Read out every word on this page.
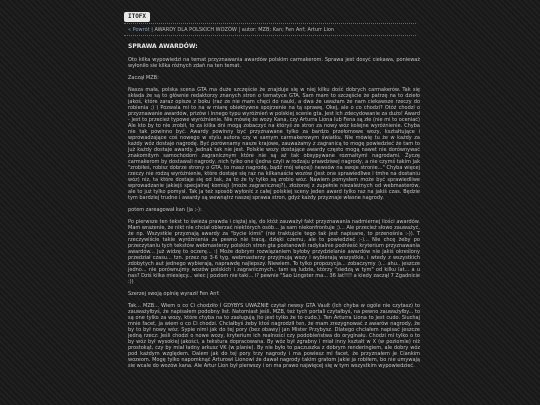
ITOFX
« Powrót | AWARDY DLA POLSKICH WOZÓW | autor: MZB; Kan; Fen Anf; Arturr Lion
SPRAWA AWARDÓW:

Oto kilka wypowiedzi na temat przyznawania awardów polskim carmakerom. Sprawa jest dosyć ciekawa, ponieważ wyłoniło sie kilka różnych zdań na ten temat.

Zaczął MZB:

Nasza mała, polska scena GTA ma duże szczęście że znajduje się w niej kilku dość dobrych carmakerów. Tak się składa że są to głównie redaktorzy znanych stron o tematyce GTA. Sam mam to szczęście że patrzę na to dzieło jakoś, które zaraz opisze z boku (raz ze nie mam chęci do nauki, a dwa że uważam że nam ciekawsze rzeczy do robienia ;) ) Pozwala mi to na w miarę obiektywne spojrzenie na tą sprawę. Okej, ale o co chodzi? Otóż chodzi o przyznawanie awardów, prizów i innego typu wyróżnień w polskiej scenie gta. Jest ich zdecydowanie za dużo! Award - jest to przecież typowe wyróżnienie. Nie mówię że wozy Kana, czy Arturra Liona lub Fena są złe (nie mi to oceniać) Ale kto by to nie zrobił, to za kilka dni mogą zobaczyć na któryś ze stron za nowy wóz kolejne wyróżnienie. Chyba nie tak powinno być. Awardy powinny być przyznawane tylko za bardzo przełomowe wozy, kształtujące i wprowadzające coś nowego w stylu autora czy w samym carmakerowym światku. Nie mówię tu że w każdy za każdy wóz dostaje nagrodę. Być porównamy nasze krajowe, zauważamy z zagranicą to mogę powiedzieć że tam to już każdy dostaje awardy. Jednak tak nie jest. Polskie wozy dostające awardy często mogą nawet nie dorównywać znakomitym samochodom zagranicznym które nie są aż tak obsypywane rozmaitymi nagrodami. Życzę carmakerom by dostawali nagrody, nich tylko one (jedna czyli w rodzaju prawdziwej nagrody, a nie czymś takim jak "zrobiłeś, robisz dobrze strony o GTA, to masz nagrodę, bądź mój więcej) newsów na swoje stronie..." Chyba więcej rzeczy nie rodzą wyróżnienie, które dostaje się raz na kilkanaście wozów (jest one sprawiedliwe i tmhe na dostaniu wóz) niz, ta które dostaje się od tak, za to że ty tylko są zrobio wóz. Nawiem pomysłem może być sprawiedliwe wprowadzanie jakiejś specjalnej komisji (może zagranicznej?), złożonej z zupełnie niezależnych od webmasterów, ale to już tylko pomysł. Tak ja też sposób wyłonić z całej polskiej sceny jeden award tylko raz na jakiś czas. Będzie tym bardziej trudne i awardy są wewnątrz naszej sprawa stron, gdyż każdy przyznaje własne nagrody.

potem zareagował kan (ja ;-):

Po pierwsze ten tekst to świeża prawda i ciężaj się, do któż zauważył fakt przyznawania nadmiernej ilości awardów. Mam wrażenie, że nikt nie chciał obierzać niektórych osób... ja sam niekonfrontuje ;)... Ale przecież słowo zauważyć, że np. Wszystkie przyznają awardy za "bycie kimś" (nie traktujcie tego tak jest napisane, to przenośnia :-)). T rzeczywiście takie wyróżnienia za pewno nie tracą, dzięki czemu, ale to powiedzieć :-)... Nie chcę żeby po przeczytaniu tych tekstów webmasterzy polskich stron gta postanowili radykalnie podnieść kryterium przyznawania awardów... już widzę to oczerę... :) Może dobrym rozwiązaniem byłoby przydzielanie awardów nie jakiś określony przedział czasu... tzn. przez np 3-6 tyg. webmasterzy przyjmują wozy i wybierają wszystkie, i wtedy z wszystkich zdobytych aut jednego wybierają, naprawdę najlepszy. Niewiem. To tylko propozycja... zobaczymy :)... ahu.. jeszcze jedno... nie porównujmy wozów polskich i zagranicznych.. tam są ludzie, którzy "siedzą w tym" od kilku lat... a u nas? Dziś kilka miesięcy... wiec j poziom nie taki... i? pewnie "Sao Lingster ma... 36 lat!!!! a kiedy zaczął 7 Zgadnicie :))

Szerzej swoją opinię wyraził Fen Anf:

Tak... MZB... Wiem o co Ci chodziło I GDYBYS UWAŻNIE czytał newsy GTA Vault (Ich chyba w ogóle nie czytasz) to zauważyłbyś, że napisałem podobny list. Natomiast jeśli, MZB, też tych portali czytałbyś, na pewno zauważyłby... to są one tylko za wozy, które chyba na to zasługują (to jest tylko że to cudo.). Ten Arturra Liona to jest cudo. Siuchaj mnie facet, ja wiem o co Ci chodzi. Chciałbyś żeby ktoś nagrodził ten, że mam zrezygnować z awarów nagrody, że by to był nowy wóz. Sypie nimi jak do tej pory (bez obawy) jan Mister Przybysz. Dlatego chciałem napisać jeszcze jedną rzecz: Jeśli chodzi o nowe wozy, kryterium ich realności czy podobieństwa do oryginału. Chodzi mi tylko o to by wóz był wysokiej jakości, a tekstura dopracowana. By wóz był zgrabny i miał inny kształt w X (w poziomie) niż prostokąt, czy by miał ładny arkusz VK (w planie). By nie było to paczuszka z dobrym renderingiem, ale dobry wóz pod każdym względem. Dalem jak do tej pory trzy nagrody i ma powiesz mi facet, że przyznałem je Clankim wozeom. Mogę tylko napomknąć Arturowi Lionowi że dawał nagrody takim gratom jakie ja robiłem, bo nie umywają sie wcale do wozów kana. Ale Artur Lion był pierwszy i on ma prawo najwięcej się w tym wszystkim wypowiedzieć.
